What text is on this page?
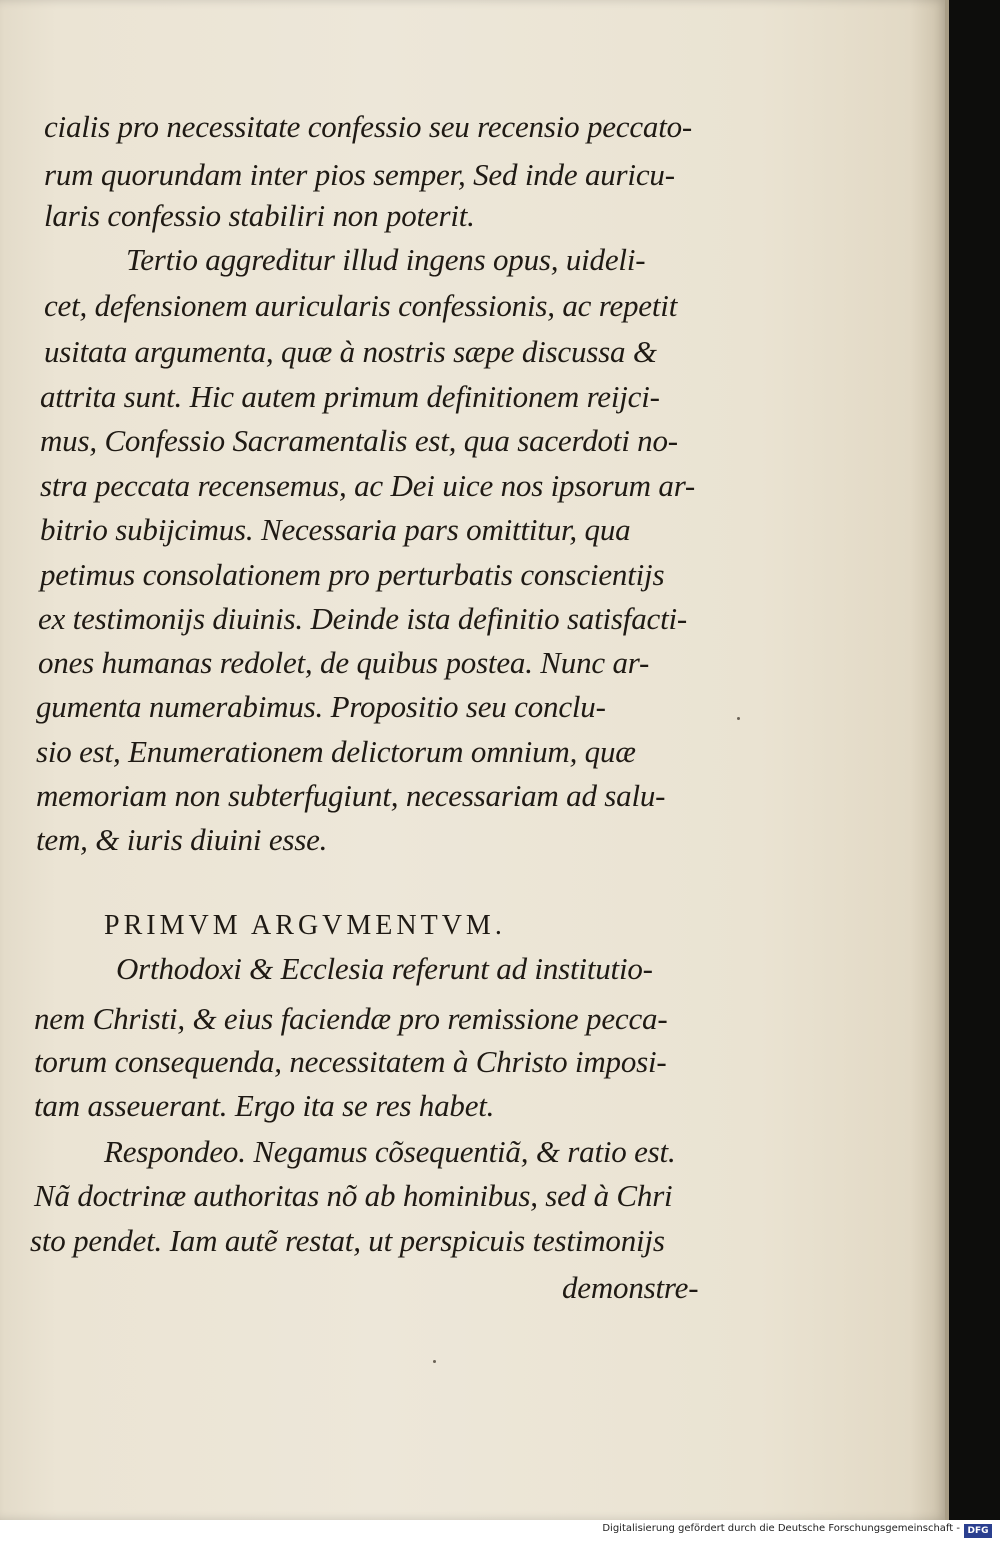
cialis pro necessitate confessio seu recensio peccato-
rum quorundam inter pios semper, Sed inde auricu-
laris confessio stabiliri non poterit.
Tertio aggreditur illud ingens opus, uideli-
cet, defensionem auricularis confessionis, ac repetit
usitata argumenta, quæ à nostris sæpe discussa &
attrita sunt. Hic autem primum definitionem reijci-
mus, Confessio Sacramentalis est, qua sacerdoti no-
stra peccata recensemus, ac Dei uice nos ipsorum ar-
bitrio subijcimus. Necessaria pars omittitur, qua
petimus consolationem pro perturbatis conscientijs
ex testimonijs diuinis. Deinde ista definitio satisfacti-
ones humanas redolet, de quibus postea. Nunc ar-
gumenta numerabimus. Propositio seu conclu-
sio est, Enumerationem delictorum omnium, quæ
memoriam non subterfugiunt, necessariam ad salu-
tem, & iuris diuini esse.
PRIMVM ARGVMENTVM.
Orthodoxi & Ecclesia referunt ad institutio-
nem Christi, & eius faciendæ pro remissione pecca-
torum consequenda, necessitatem à Christo imposi-
tam asseuerant. Ergo ita se res habet.
Respondeo. Negamus cõsequentiã, & ratio est.
Nã doctrinæ authoritas nõ ab hominibus, sed à Chri
sto pendet. Iam autẽ restat, ut perspicuis testimonijs
demonstre-
Digitalisierung gefördert durch die Deutsche Forschungsgemeinschaft - DFG
